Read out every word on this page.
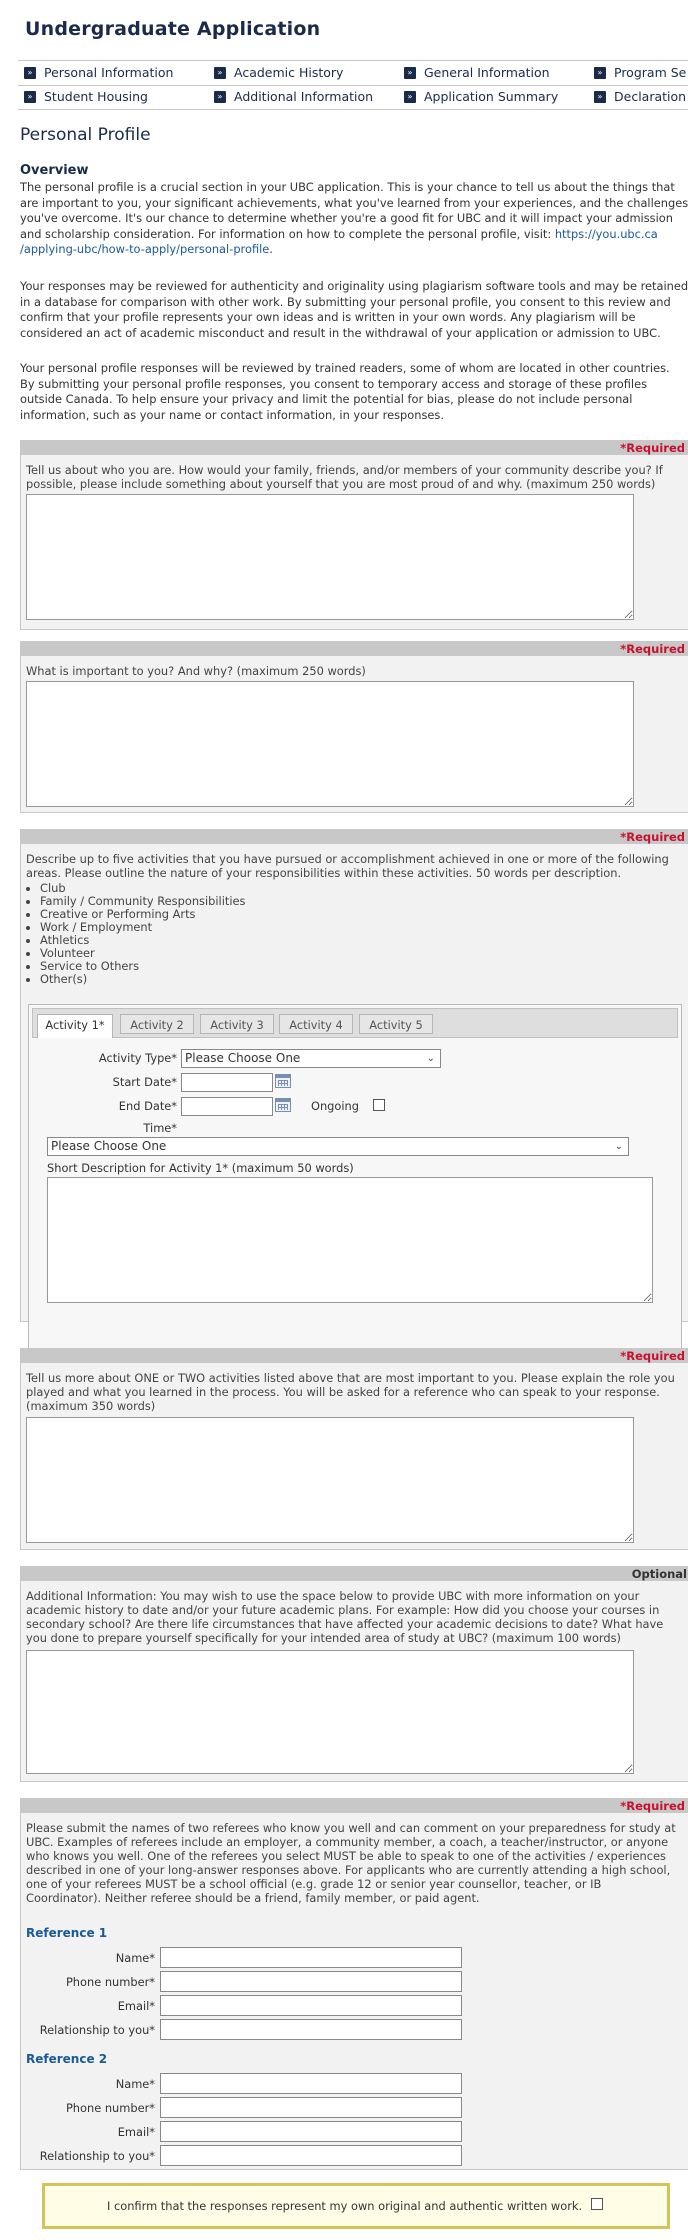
Undergraduate Application
» Personal Information	» Academic History	» General Information	» Program Se
» Student Housing	» Additional Information	» Application Summary	» Declaration
Personal Profile
Overview
The personal profile is a crucial section in your UBC application. This is your chance to tell us about the things that
are important to you, your significant achievements, what you've learned from your experiences, and the challenges
you've overcome. It's our chance to determine whether you're a good fit for UBC and it will impact your admission
and scholarship consideration. For information on how to complete the personal profile, visit: https://you.ubc.ca
/applying-ubc/how-to-apply/personal-profile.
Your responses may be reviewed for authenticity and originality using plagiarism software tools and may be retained
in a database for comparison with other work. By submitting your personal profile, you consent to this review and
confirm that your profile represents your own ideas and is written in your own words. Any plagiarism will be
considered an act of academic misconduct and result in the withdrawal of your application or admission to UBC.
Your personal profile responses will be reviewed by trained readers, some of whom are located in other countries.
By submitting your personal profile responses, you consent to temporary access and storage of these profiles
outside Canada. To help ensure your privacy and limit the potential for bias, please do not include personal
information, such as your name or contact information, in your responses.
*Required
Tell us about who you are. How would your family, friends, and/or members of your community describe you? If
possible, please include something about yourself that you are most proud of and why. (maximum 250 words)
*Required
What is important to you? And why? (maximum 250 words)
*Required
Describe up to five activities that you have pursued or accomplishment achieved in one or more of the following
areas. Please outline the nature of your responsibilities within these activities. 50 words per description.
• Club
• Family / Community Responsibilities
• Creative or Performing Arts
• Work / Employment
• Athletics
• Volunteer
• Service to Others
• Other(s)
Activity 1*	Activity 2	Activity 3	Activity 4	Activity 5
Activity Type* Please Choose One	⌄
Start Date*
End Date*	Ongoing
Time*
Please Choose One	⌄
Short Description for Activity 1* (maximum 50 words)
*Required
Tell us more about ONE or TWO activities listed above that are most important to you. Please explain the role you
played and what you learned in the process. You will be asked for a reference who can speak to your response.
(maximum 350 words)
Optional
Additional Information: You may wish to use the space below to provide UBC with more information on your
academic history to date and/or your future academic plans. For example: How did you choose your courses in
secondary school? Are there life circumstances that have affected your academic decisions to date? What have
you done to prepare yourself specifically for your intended area of study at UBC? (maximum 100 words)
*Required
Please submit the names of two referees who know you well and can comment on your preparedness for study at
UBC. Examples of referees include an employer, a community member, a coach, a teacher/instructor, or anyone
who knows you well. One of the referees you select MUST be able to speak to one of the activities / experiences
described in one of your long-answer responses above. For applicants who are currently attending a high school,
one of your referees MUST be a school official (e.g. grade 12 or senior year counsellor, teacher, or IB
Coordinator). Neither referee should be a friend, family member, or paid agent.
Reference 1
Name*
Phone number*
Email*
Relationship to you*
Reference 2
Name*
Phone number*
Email*
Relationship to you*
I confirm that the responses represent my own original and authentic written work.
